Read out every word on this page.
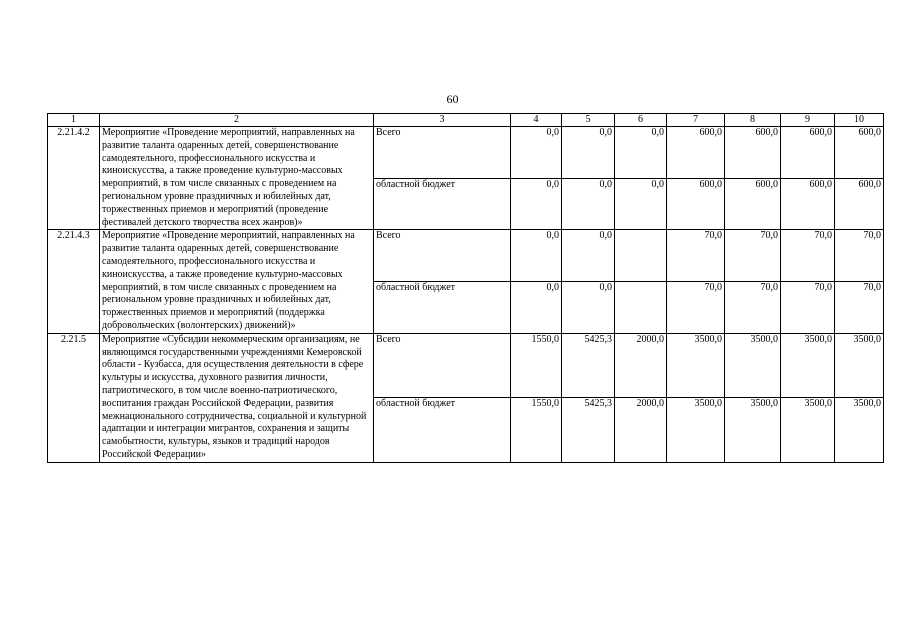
60
1	2	3	4	5	6	7	8	9	10
2.21.4.2	Мероприятие «Проведение мероприятий, направленных на развитие таланта одаренных детей, совершенствование самодеятельного, профессионального искусства и киноискусства, а также проведение культурно-массовых мероприятий, в том числе связанных с проведением на региональном уровне праздничных и юбилейных дат, торжественных приемов и мероприятий (проведение фестивалей детского творчества всех жанров)»	Всего	0,0	0,0	0,0	600,0	600,0	600,0	600,0
		областной бюджет	0,0	0,0	0,0	600,0	600,0	600,0	600,0
2.21.4.3	Мероприятие «Проведение мероприятий, направленных на развитие таланта одаренных детей, совершенствование самодеятельного, профессионального искусства и киноискусства, а также проведение культурно-массовых мероприятий, в том числе связанных с проведением на региональном уровне праздничных и юбилейных дат, торжественных приемов и мероприятий (поддержка добровольческих (волонтерских) движений)»	Всего	0,0	0,0		70,0	70,0	70,0	70,0
		областной бюджет	0,0	0,0		70,0	70,0	70,0	70,0
2.21.5	Мероприятие «Субсидии некоммерческим организациям, не являющимся государственными учреждениями Кемеровской области - Кузбасса, для осуществления деятельности в сфере культуры и искусства, духовного развития личности, патриотического, в том числе военно-патриотического, воспитания граждан Российской Федерации, развития межнационального сотрудничества, социальной и культурной адаптации и интеграции мигрантов, сохранения и защиты самобытности, культуры, языков и традиций народов Российской Федерации»	Всего	1550,0	5425,3	2000,0	3500,0	3500,0	3500,0	3500,0
		областной бюджет	1550,0	5425,3	2000,0	3500,0	3500,0	3500,0	3500,0
